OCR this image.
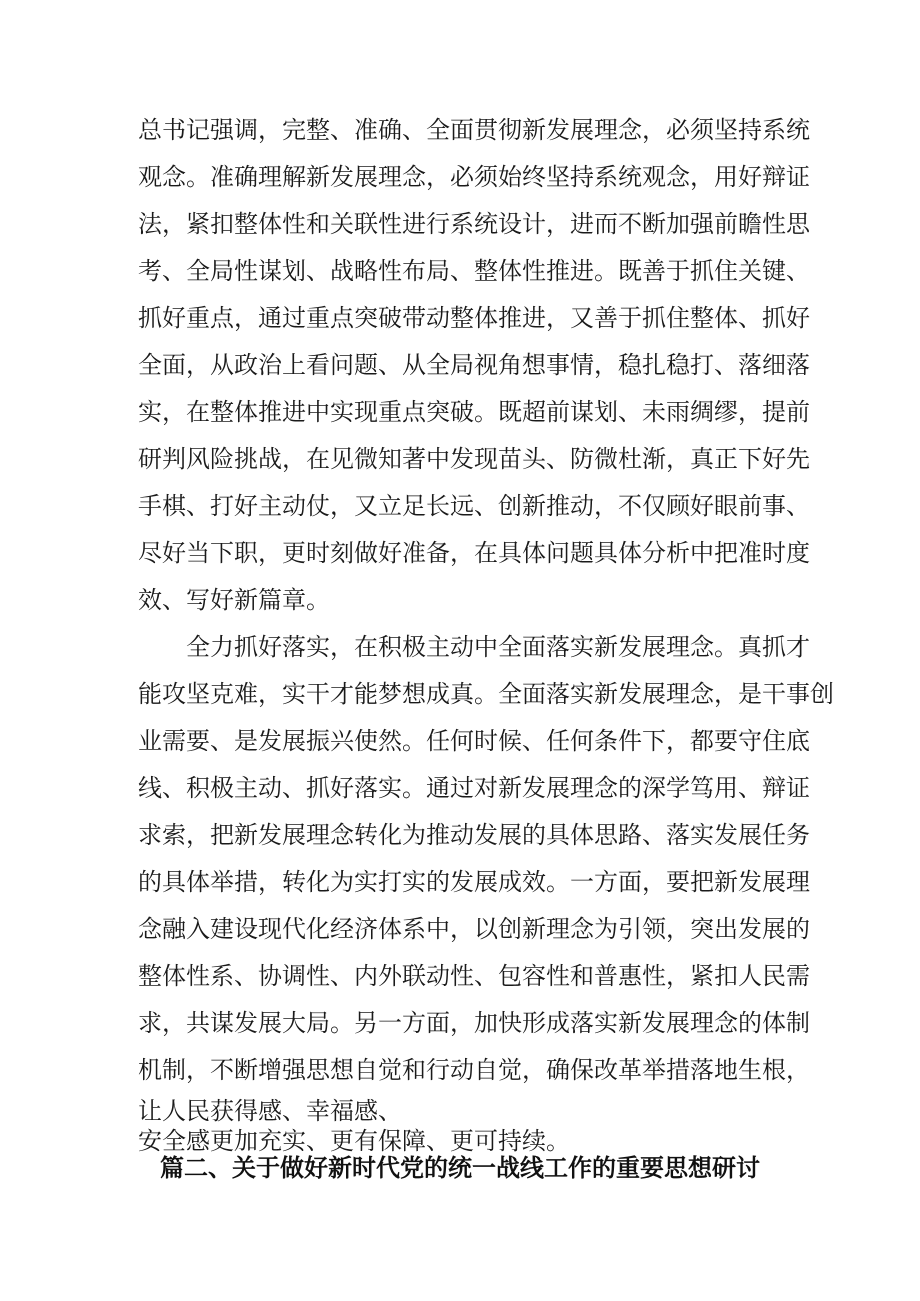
总书记强调，完整、准确、全面贯彻新发展理念，必须坚持系统
观念。准确理解新发展理念，必须始终坚持系统观念，用好辩证
法，紧扣整体性和关联性进行系统设计，进而不断加强前瞻性思
考、全局性谋划、战略性布局、整体性推进。既善于抓住关键、
抓好重点，通过重点突破带动整体推进，又善于抓住整体、抓好
全面，从政治上看问题、从全局视角想事情，稳扎稳打、落细落
实，在整体推进中实现重点突破。既超前谋划、未雨绸缪，提前
研判风险挑战，在见微知著中发现苗头、防微杜渐，真正下好先
手棋、打好主动仗，又立足长远、创新推动，不仅顾好眼前事、
尽好当下职，更时刻做好准备，在具体问题具体分析中把准时度
效、写好新篇章。
全力抓好落实，在积极主动中全面落实新发展理念。真抓才
能攻坚克难，实干才能梦想成真。全面落实新发展理念，是干事创
业需要、是发展振兴使然。任何时候、任何条件下，都要守住底
线、积极主动、抓好落实。通过对新发展理念的深学笃用、辩证
求索，把新发展理念转化为推动发展的具体思路、落实发展任务
的具体举措，转化为实打实的发展成效。一方面，要把新发展理
念融入建设现代化经济体系中，以创新理念为引领，突出发展的
整体性系、协调性、内外联动性、包容性和普惠性，紧扣人民需
求，共谋发展大局。另一方面，加快形成落实新发展理念的体制
机制，不断增强思想自觉和行动自觉，确保改革举措落地生根，
让人民获得感、幸福感、
安全感更加充实、更有保障、更可持续。
篇二、关于做好新时代党的统一战线工作的重要思想研讨
